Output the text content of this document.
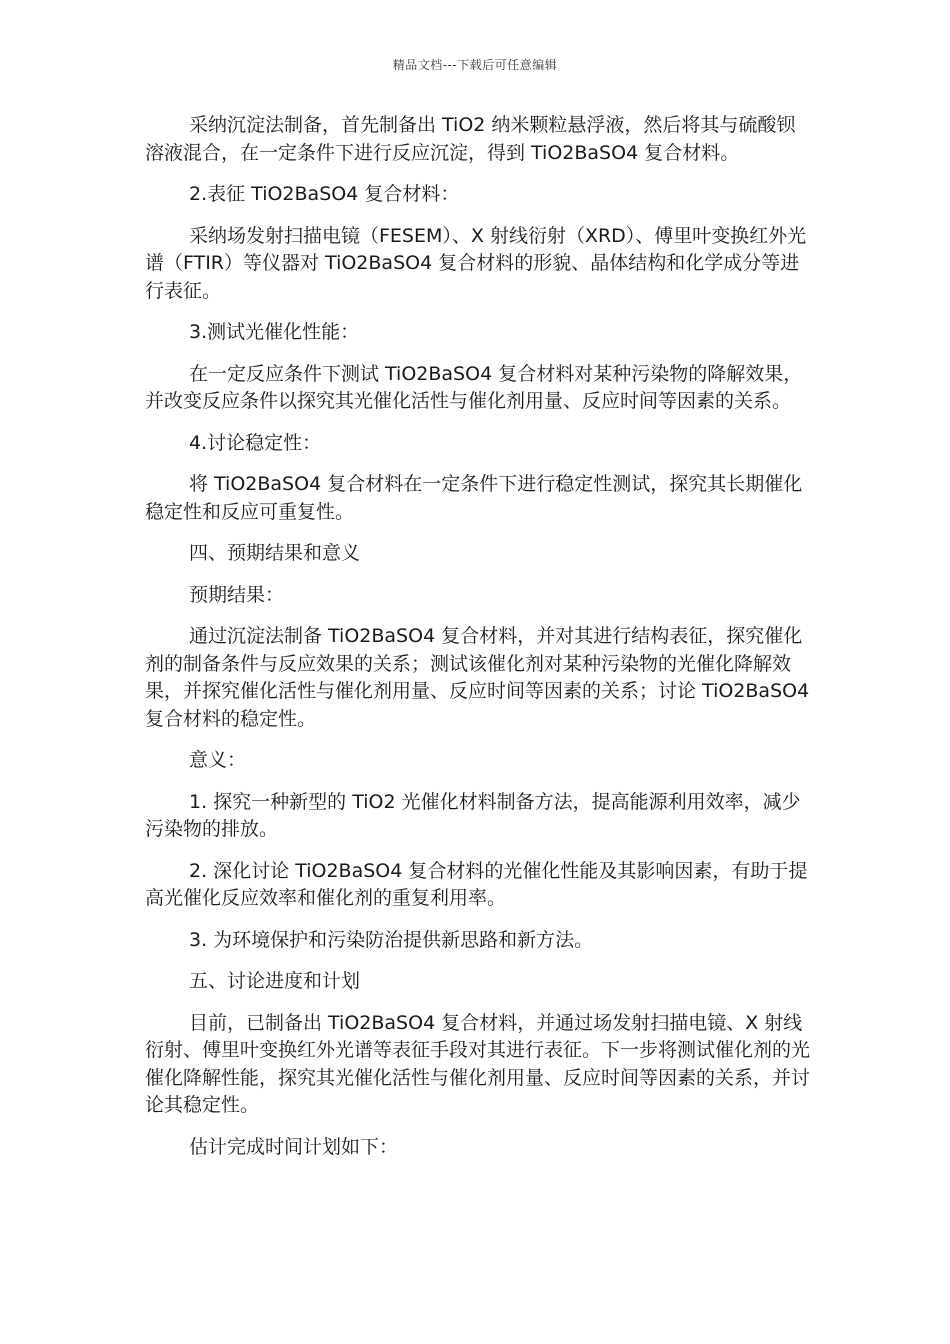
精品文档---下载后可任意编辑

采纳沉淀法制备，首先制备出 TiO2 纳米颗粒悬浮液，然后将其与硫酸钡溶液混合，在一定条件下进行反应沉淀，得到 TiO2BaSO4 复合材料。

2.表征 TiO2BaSO4 复合材料：

采纳场发射扫描电镜（FESEM）、X 射线衍射（XRD）、傅里叶变换红外光谱（FTIR）等仪器对 TiO2BaSO4 复合材料的形貌、晶体结构和化学成分等进行表征。

3.测试光催化性能：

在一定反应条件下测试 TiO2BaSO4 复合材料对某种污染物的降解效果，并改变反应条件以探究其光催化活性与催化剂用量、反应时间等因素的关系。

4.讨论稳定性：

将 TiO2BaSO4 复合材料在一定条件下进行稳定性测试，探究其长期催化稳定性和反应可重复性。

四、预期结果和意义

预期结果：

通过沉淀法制备 TiO2BaSO4 复合材料，并对其进行结构表征，探究催化剂的制备条件与反应效果的关系；测试该催化剂对某种污染物的光催化降解效果，并探究催化活性与催化剂用量、反应时间等因素的关系；讨论 TiO2BaSO4 复合材料的稳定性。

意义：

1. 探究一种新型的 TiO2 光催化材料制备方法，提高能源利用效率，减少污染物的排放。

2. 深化讨论 TiO2BaSO4 复合材料的光催化性能及其影响因素，有助于提高光催化反应效率和催化剂的重复利用率。

3. 为环境保护和污染防治提供新思路和新方法。

五、讨论进度和计划

目前，已制备出 TiO2BaSO4 复合材料，并通过场发射扫描电镜、X 射线衍射、傅里叶变换红外光谱等表征手段对其进行表征。下一步将测试催化剂的光催化降解性能，探究其光催化活性与催化剂用量、反应时间等因素的关系，并讨论其稳定性。

估计完成时间计划如下：
